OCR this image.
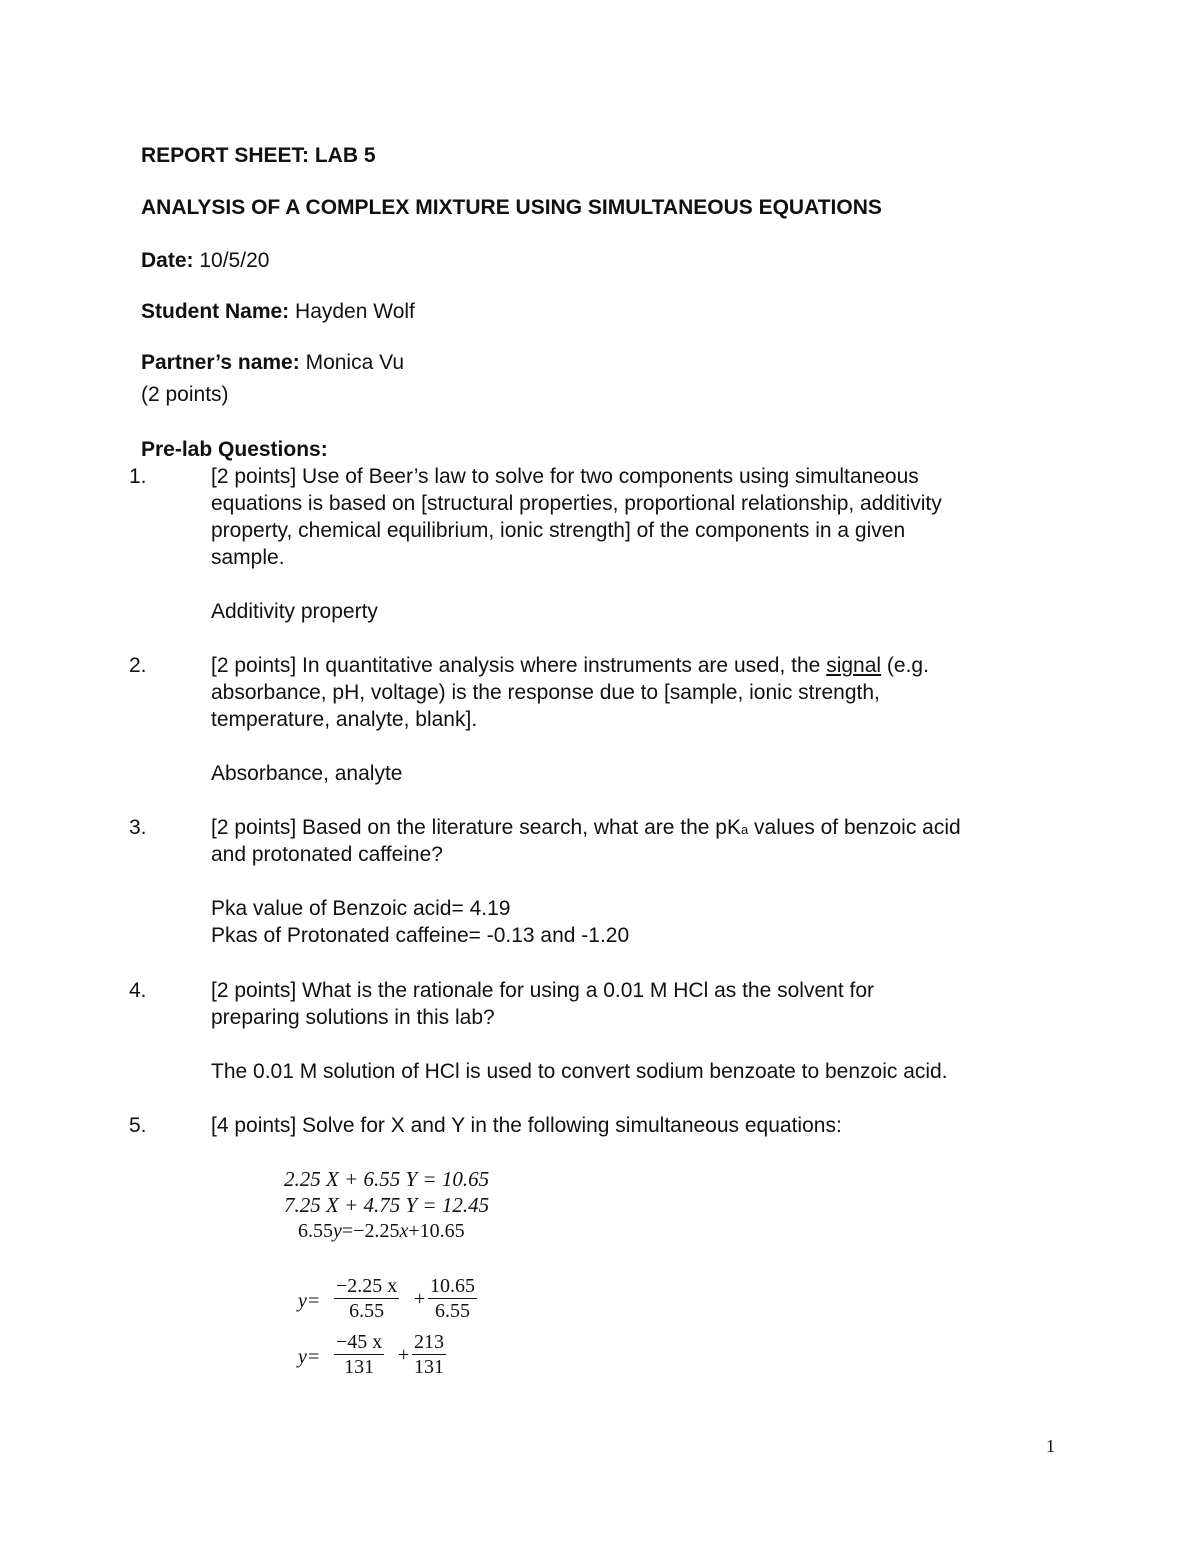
REPORT SHEET: LAB 5
ANALYSIS OF A COMPLEX MIXTURE USING SIMULTANEOUS EQUATIONS
Date: 10/5/20
Student Name: Hayden Wolf
Partner’s name: Monica Vu
(2 points)
Pre-lab Questions:
1.	[2 points] Use of Beer’s law to solve for two components using simultaneous
equations is based on [structural properties, proportional relationship, additivity
property, chemical equilibrium, ionic strength] of the components in a given
sample.
Additivity property
2.	[2 points] In quantitative analysis where instruments are used, the signal (e.g.
absorbance, pH, voltage) is the response due to [sample, ionic strength,
temperature, analyte, blank].
Absorbance, analyte
3.	[2 points] Based on the literature search, what are the pKa values of benzoic acid
and protonated caffeine?
Pka value of Benzoic acid= 4.19
Pkas of Protonated caffeine= -0.13 and -1.20
4.	[2 points] What is the rationale for using a 0.01 M HCl as the solvent for
preparing solutions in this lab?
The 0.01 M solution of HCl is used to convert sodium benzoate to benzoic acid.
5.	[4 points] Solve for X and Y in the following simultaneous equations:
2.25 X + 6.55 Y = 10.65
7.25 X + 4.75 Y = 12.45
6.55y=−2.25x+10.65
$y= \frac{-2.25 x}{6.55} + \frac{10.65}{6.55}$
$y= \frac{-45 x}{131} + \frac{213}{131}$
1
